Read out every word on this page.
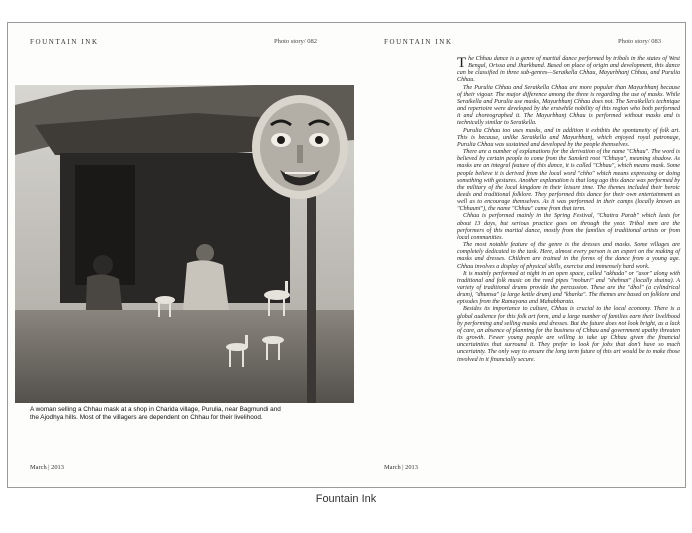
FOUNTAIN INK	Photo story/ 082
A woman selling a Chhau mask at a shop in Charida village, Purulia, near Bagmundi and the Ajodhya hills. Most of the villagers are dependent on Chhau for their livelihood.
March | 2013
FOUNTAIN INK	Photo story/ 083

The Chhau dance is a genre of martial dance performed by tribals in the states of West Bengal, Orissa and Jharkhand. Based on place of origin and development, this dance can be classified in three sub-genres—Seraikella Chhau, Mayurbhanj Chhau, and Purulia Chhau.

The Purulia Chhau and Seraikella Chhau are more popular than Mayurbhanj because of their vigour. The major difference among the three is regarding the use of masks. While Seraikella and Purulia use masks, Mayurbhanj Chhau does not. The Seraikella's technique and repertoire were developed by the erstwhile nobility of this region who both performed it and choreographed it. The Mayurbhanj Chhau is performed without masks and is technically similar to Seraikella.

Purulia Chhau too uses masks, and in addition it exhibits the spontaneity of folk art. This is because, unlike Seraikella and Mayurbhanj, which enjoyed royal patronage, Purulia Chhau was sustained and developed by the people themselves.

There are a number of explanations for the derivation of the name "Chhau". The word is believed by certain people to come from the Sanskrit root "Chhaya", meaning shadow. As masks are an integral feature of this dance, it is called "Chhau", which means mask. Some people believe it is derived from the local word "chho" which means expressing or doing something with gestures. Another explanation is that long ago this dance was performed by the military of the local kingdom in their leisure time. The themes included their heroic deeds and traditional folklore. They performed this dance for their own entertainment as well as to encourage themselves. As it was performed in their camps (locally known as "Chhauni"), the name "Chhau" came from that term.

Chhau is performed mainly in the Spring Festival, "Chaitra Parab" which lasts for about 13 days, but serious practice goes on through the year. Tribal men are the performers of this martial dance, mostly from the families of traditional artists or from local communities.

The most notable feature of the genre is the dresses and masks. Some villages are completely dedicated to the task. Here, almost every person is an expert on the making of masks and dresses. Children are trained in the forms of the dance from a young age. Chhau involves a display of physical skills, exercise and immensely hard work.

It is mainly performed at night in an open space, called "akhada" or "asor" along with traditional and folk music on the reed pipes "mohuri" and "shehnai" (locally shaina). A variety of traditional drums provide the percussion. These are the "dhol" (a cylindrical drum), "dhumsa" (a large kettle drum) and "kharka". The themes are based on folklore and episodes from the Ramayana and Mahabharata.

Besides its importance to culture, Chhau is crucial to the local economy. There is a global audience for this folk art form, and a large number of families earn their livelihood by performing and selling masks and dresses. But the future does not look bright, as a lack of care, an absence of planning for the business of Chhau and government apathy threaten its growth. Fewer young people are willing to take up Chhau given the financial uncertainties that surround it. They prefer to look for jobs that don't have so much uncertainty. The only way to ensure the long term future of this art would be to make those involved in it financially secure.

March | 2013
Fountain Ink
